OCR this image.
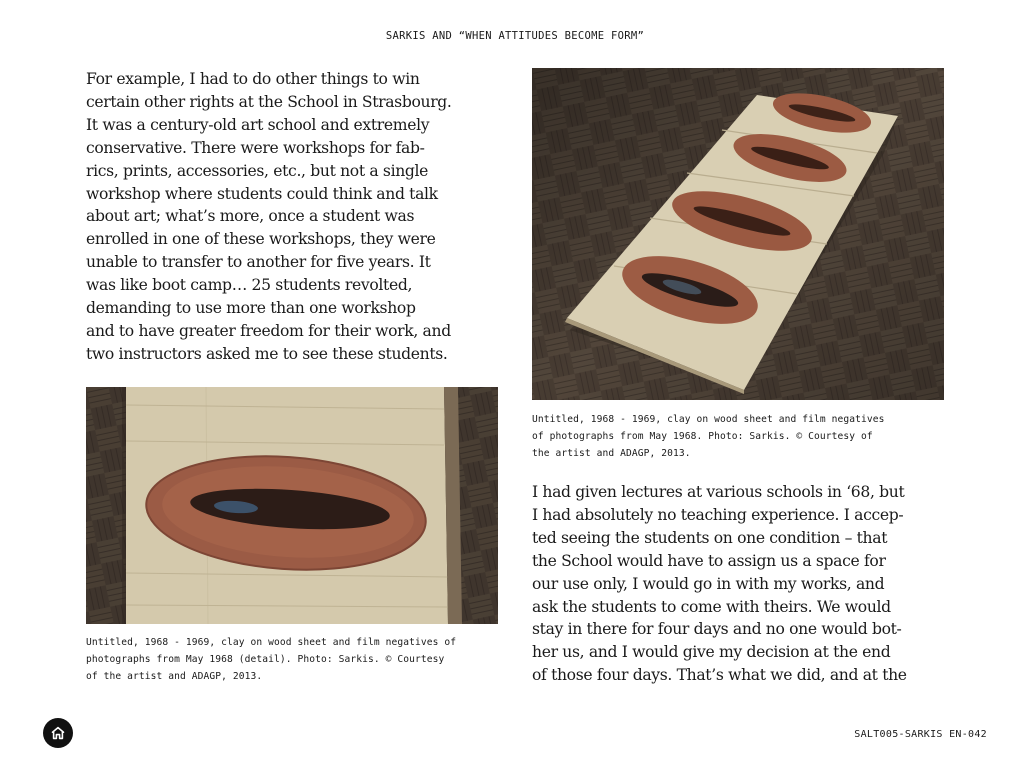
SARKIS AND “WHEN ATTITUDES BECOME FORM”
For example, I had to do other things to win
certain other rights at the School in Strasbourg.
It was a century-old art school and extremely
conservative. There were workshops for fab-
rics, prints, accessories, etc., but not a single
workshop where students could think and talk
about art; what’s more, once a student was
enrolled in one of these workshops, they were
unable to transfer to another for five years. It
was like boot camp… 25 students revolted,
demanding to use more than one workshop
and to have greater freedom for their work, and
two instructors asked me to see these students.
Untitled, 1968 - 1969, clay on wood sheet and film negatives
of photographs from May 1968. Photo: Sarkis. © Courtesy of
the artist and ADAGP, 2013.
Untitled, 1968 - 1969, clay on wood sheet and film negatives of
photographs from May 1968 (detail). Photo: Sarkis. © Courtesy
of the artist and ADAGP, 2013.
I had given lectures at various schools in ‘68, but
I had absolutely no teaching experience. I accep-
ted seeing the students on one condition – that
the School would have to assign us a space for
our use only, I would go in with my works, and
ask the students to come with theirs. We would
stay in there for four days and no one would bot-
her us, and I would give my decision at the end
of those four days. That’s what we did, and at the
SALT005-SARKIS EN-042
